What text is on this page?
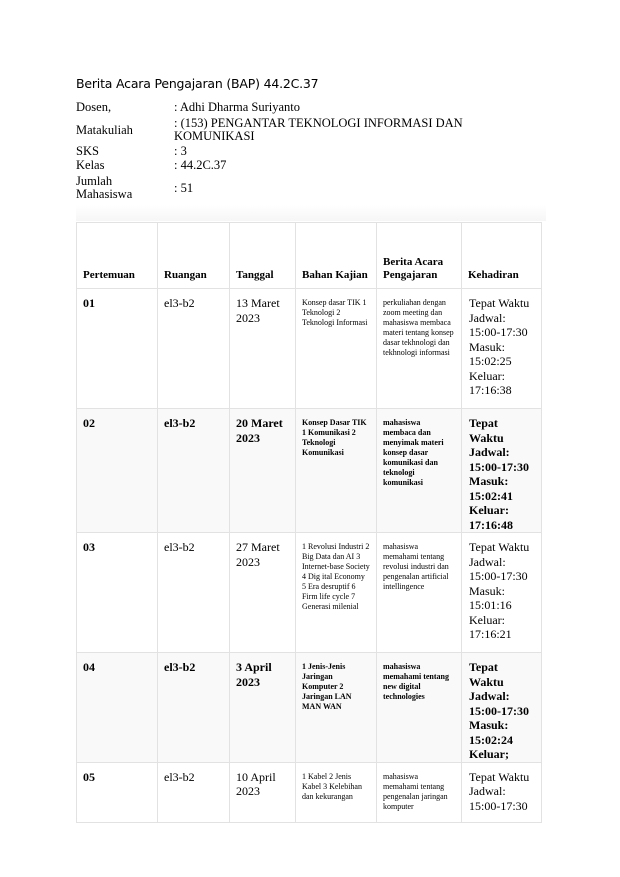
Berita Acara Pengajaran (BAP) 44.2C.37
Dosen,	: Adhi Dharma Suriyanto
Matakuliah	: (153) PENGANTAR TEKNOLOGI INFORMASI DAN KOMUNIKASI
SKS	: 3
Kelas	: 44.2C.37
Jumlah Mahasiswa	: 51
Pertemuan	Ruangan	Tanggal	Bahan Kajian	Berita Acara Pengajaran	Kehadiran
01	el3-b2	13 Maret 2023	Konsep dasar TIK 1 Teknologi 2 Teknologi Informasi	perkuliahan dengan zoom meeting dan mahasiswa membaca materi tentang konsep dasar tekhnologi dan tekhnologi informasi	Tepat Waktu
Jadwal: 15:00-17:30
Masuk: 15:02:25
Keluar: 17:16:38

02	el3-b2	20 Maret 2023	Konsep Dasar TIK 1 Komunikasi 2 Teknologi Komunikasi	mahasiswa membaca dan menyimak materi konsep dasar komunikasi dan teknologi komunikasi	Tepat Waktu
Jadwal: 15:00-17:30
Masuk: 15:02:41
Keluar: 17:16:48

03	el3-b2	27 Maret 2023	1 Revolusi Industri 2 Big Data dan AI 3 Internet-base Society 4 Dig ital Economy 5 Era desruptif 6 Firm life cycle 7 Generasi milenial	mahasiswa memahami tentang revolusi industri dan pengenalan artificial intellingence	Tepat Waktu
Jadwal: 15:00-17:30
Masuk: 15:01:16
Keluar: 17:16:21

04	el3-b2	3 April 2023	1 Jenis-Jenis Jaringan Komputer 2 Jaringan LAN MAN WAN	mahasiswa memahami tentang new digital technologies	Tepat Waktu
Jadwal: 15:00-17:30
Masuk: 15:02:24
Keluar;

05	el3-b2	10 April 2023	1 Kabel 2 Jenis Kabel 3 Kelebihan dan kekurangan	mahasiswa memahami tentang pengenalan jaringan komputer	Tepat Waktu
Jadwal: 15:00-17:30
